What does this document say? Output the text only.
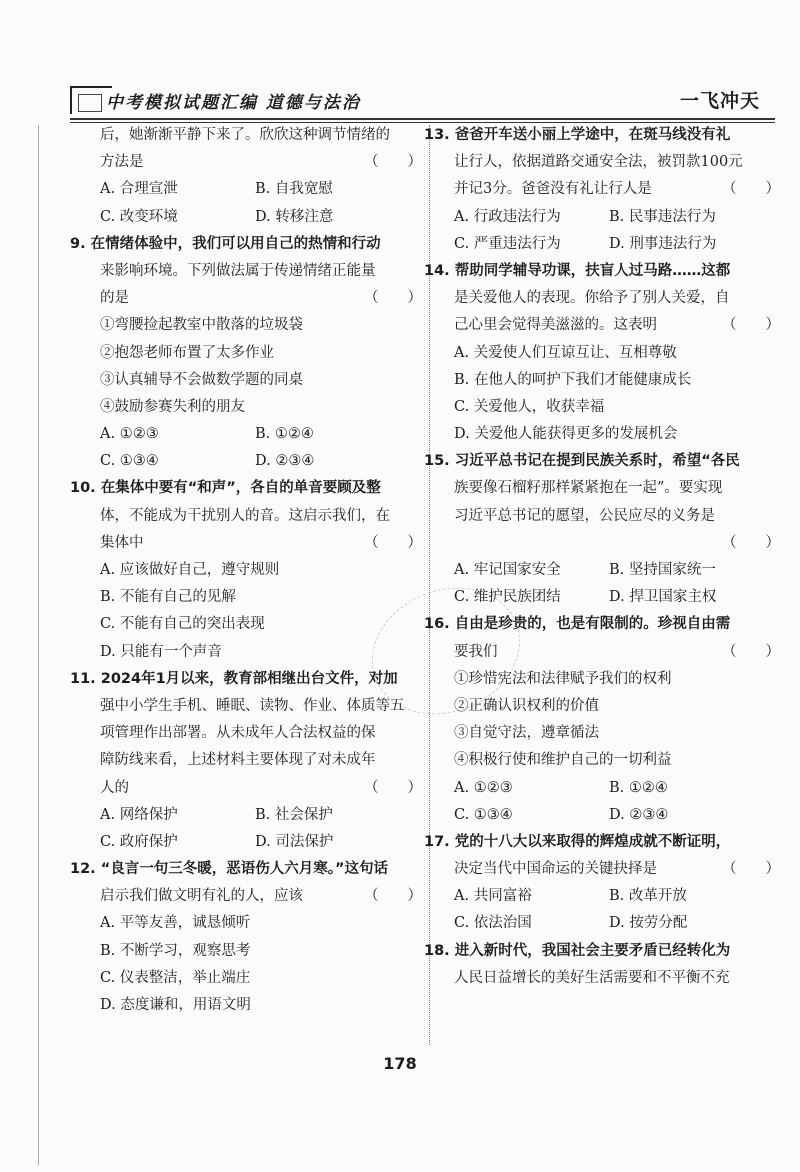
中考模拟试题汇编 道德与法治	一飞冲天
后，她渐渐平静下来了。欣欣这种调节情绪的
方法是	（　　）
A. 合理宣泄	B. 自我宽慰
C. 改变环境	D. 转移注意
9. 在情绪体验中，我们可以用自己的热情和行动
来影响环境。下列做法属于传递情绪正能量
的是	（　　）
①弯腰捡起教室中散落的垃圾袋
②抱怨老师布置了太多作业
③认真辅导不会做数学题的同桌
④鼓励参赛失利的朋友
A. ①②③	B. ①②④
C. ①③④	D. ②③④
10. 在集体中要有“和声”，各自的单音要顾及整
体，不能成为干扰别人的音。这启示我们，在
集体中	（　　）
A. 应该做好自己，遵守规则
B. 不能有自己的见解
C. 不能有自己的突出表现
D. 只能有一个声音
11. 2024年1月以来，教育部相继出台文件，对加
强中小学生手机、睡眠、读物、作业、体质等五
项管理作出部署。从未成年人合法权益的保
障防线来看，上述材料主要体现了对未成年
人的	（　　）
A. 网络保护	B. 社会保护
C. 政府保护	D. 司法保护
12. “良言一句三冬暖，恶语伤人六月寒。”这句话
启示我们做文明有礼的人，应该	（　　）
A. 平等友善，诚恳倾听
B. 不断学习，观察思考
C. 仪表整洁，举止端庄
D. 态度谦和，用语文明
13. 爸爸开车送小丽上学途中，在斑马线没有礼
让行人，依据道路交通安全法，被罚款100元
并记3分。爸爸没有礼让行人是	（　　）
A. 行政违法行为	B. 民事违法行为
C. 严重违法行为	D. 刑事违法行为
14. 帮助同学辅导功课，扶盲人过马路……这都
是关爱他人的表现。你给予了别人关爱，自
己心里会觉得美滋滋的。这表明	（　　）
A. 关爱使人们互谅互让、互相尊敬
B. 在他人的呵护下我们才能健康成长
C. 关爱他人，收获幸福
D. 关爱他人能获得更多的发展机会
15. 习近平总书记在提到民族关系时，希望“各民
族要像石榴籽那样紧紧抱在一起”。要实现
习近平总书记的愿望，公民应尽的义务是
（　　）
A. 牢记国家安全	B. 坚持国家统一
C. 维护民族团结	D. 捍卫国家主权
16. 自由是珍贵的，也是有限制的。珍视自由需
要我们	（　　）
①珍惜宪法和法律赋予我们的权利
②正确认识权利的价值
③自觉守法，遵章循法
④积极行使和维护自己的一切利益
A. ①②③	B. ①②④
C. ①③④	D. ②③④
17. 党的十八大以来取得的辉煌成就不断证明，
决定当代中国命运的关键抉择是	（　　）
A. 共同富裕	B. 改革开放
C. 依法治国	D. 按劳分配
18. 进入新时代，我国社会主要矛盾已经转化为
人民日益增长的美好生活需要和不平衡不充
178
